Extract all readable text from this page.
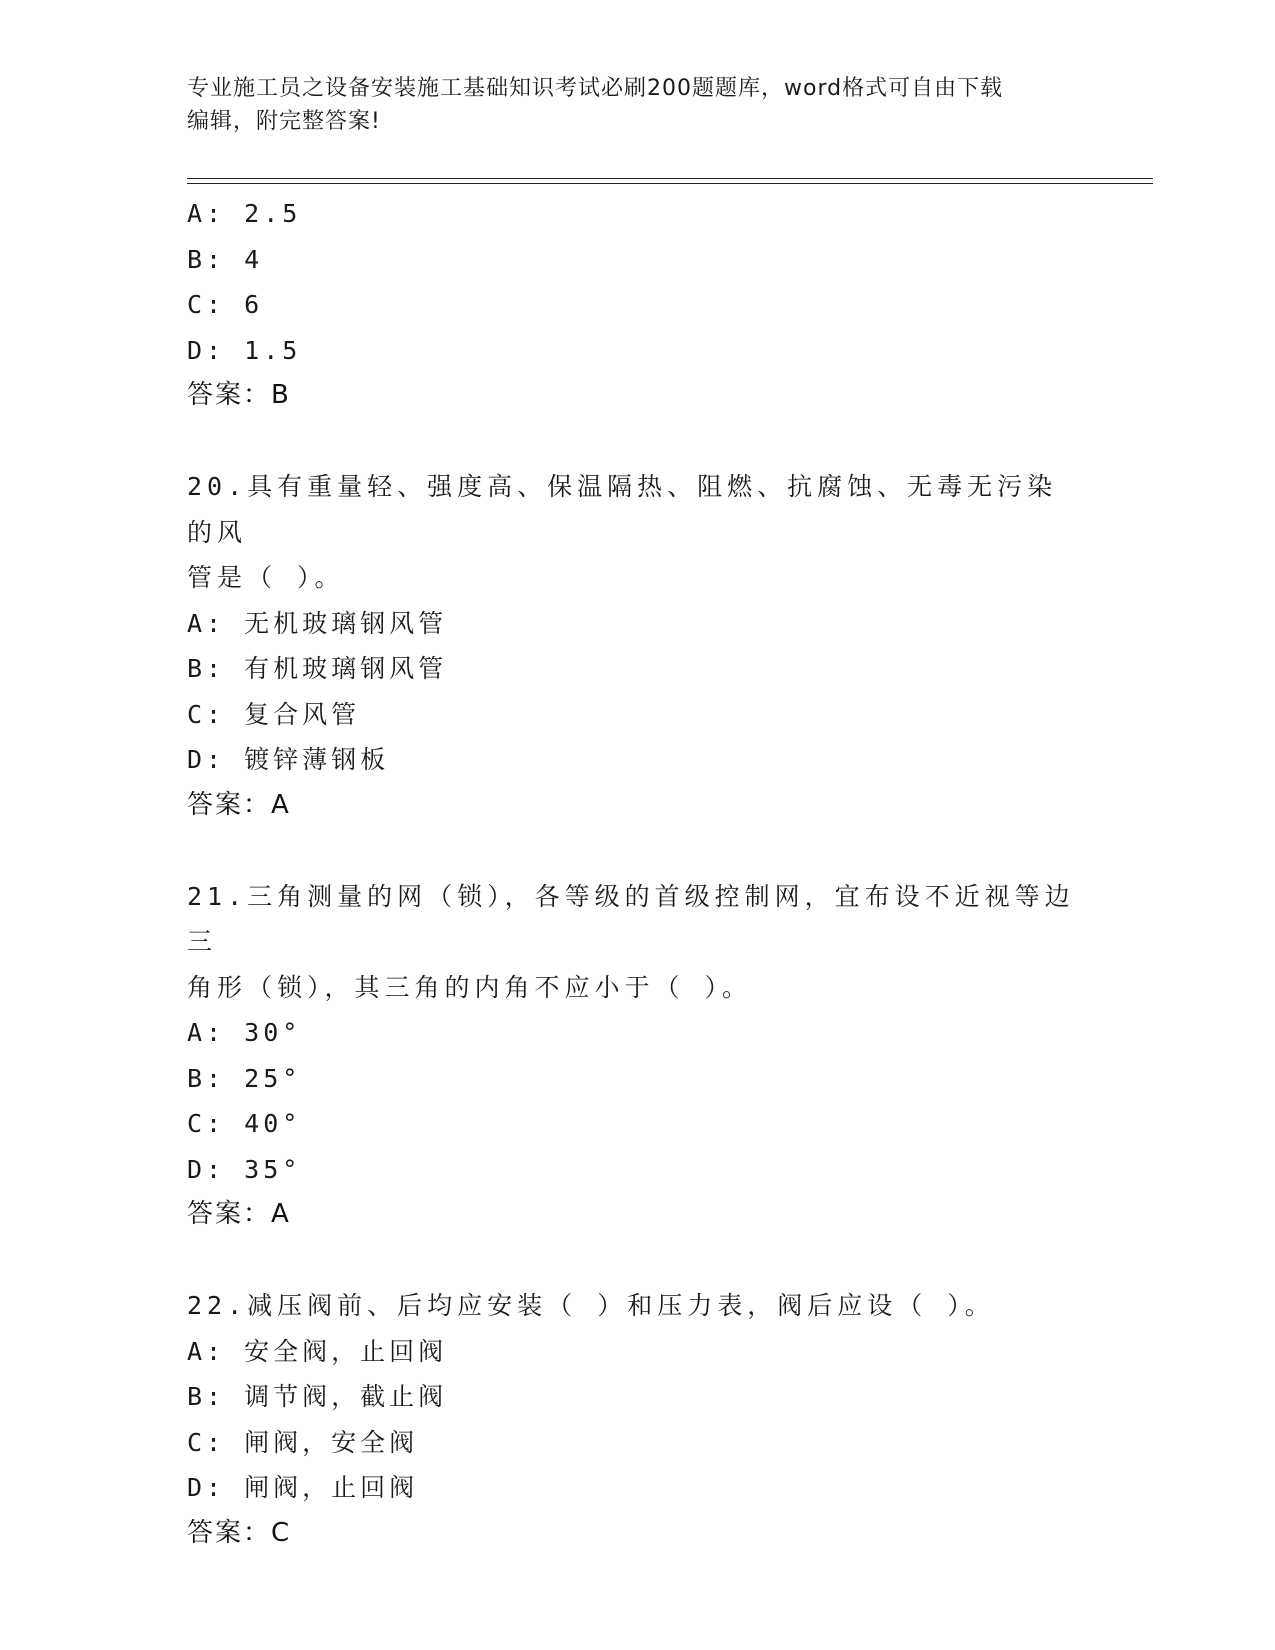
专业施工员之设备安装施工基础知识考试必刷200题题库，word格式可自由下载
编辑，附完整答案!
A: 2.5
B: 4
C: 6
D: 1.5
答案：B
20.具有重量轻、强度高、保温隔热、阻燃、抗腐蚀、无毒无污染的风
管是（ ）。
A: 无机玻璃钢风管
B: 有机玻璃钢风管
C: 复合风管
D: 镀锌薄钢板
答案：A
21.三角测量的网（锁），各等级的首级控制网，宜布设不近视等边三
角形（锁），其三角的内角不应小于（ ）。
A: 30°
B: 25°
C: 40°
D: 35°
答案：A
22.减压阀前、后均应安装（ ）和压力表，阀后应设（ ）。
A: 安全阀，止回阀
B: 调节阀，截止阀
C: 闸阀，安全阀
D: 闸阀，止回阀
答案：C
